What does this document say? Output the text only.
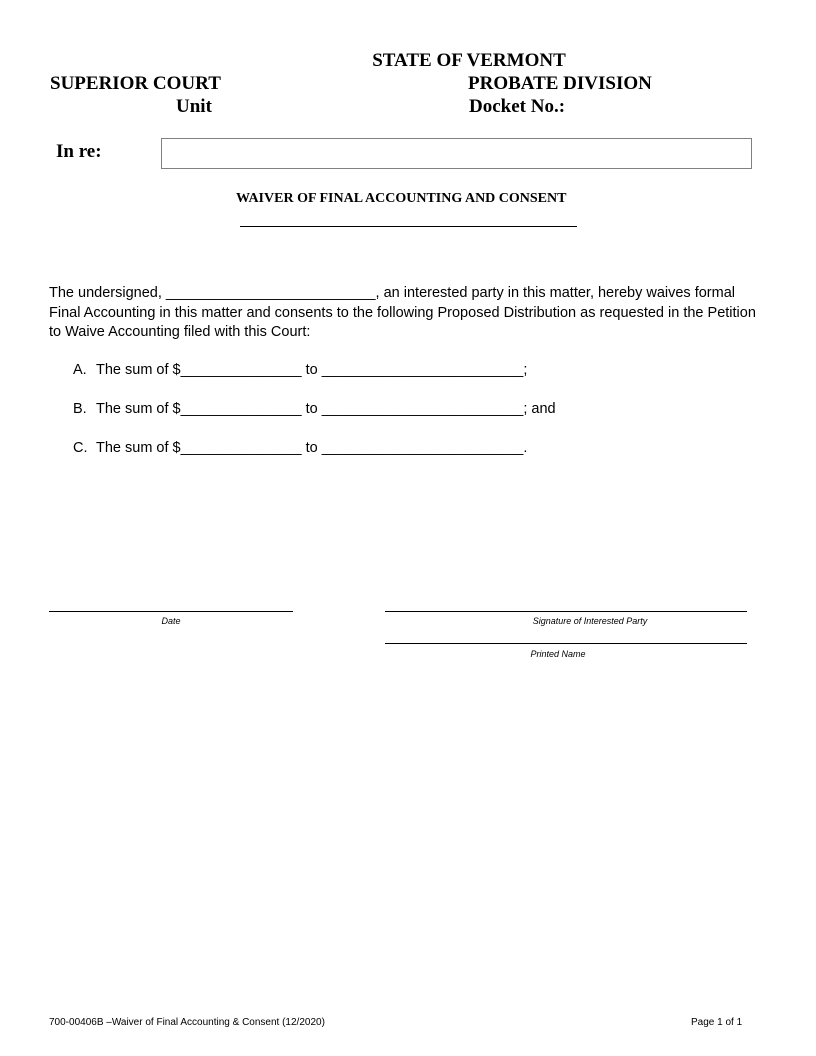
STATE OF VERMONT
SUPERIOR COURT	PROBATE DIVISION
Unit	Docket No.:
In re:
WAIVER OF FINAL ACCOUNTING AND CONSENT
The undersigned, __________________________, an interested party in this matter, hereby waives formal Final Accounting in this matter and consents to the following Proposed Distribution as requested in the Petition to Waive Accounting filed with this Court:
A. The sum of $_______________ to _________________________;
B. The sum of $_______________ to _________________________; and
C. The sum of $_______________ to _________________________.
Date	Signature of Interested Party
Printed Name
700-00406B –Waiver of Final Accounting & Consent (12/2020)	Page 1 of 1
